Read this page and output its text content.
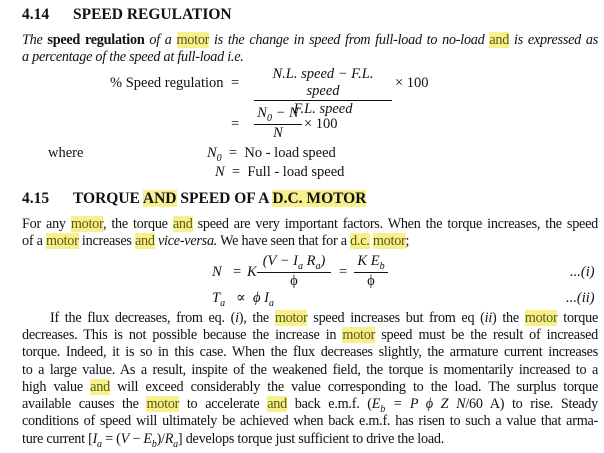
4.14 SPEED REGULATION
The speed regulation of a motor is the change in speed from full-load to no-load and is expressed as
a percentage of the speed at full-load i.e.
% Speed regulation =
N.L. speed − F.L. speed
F.L. speed
× 100
=
$N_0 - N$
N
× 100
where	$N_0 = No$ - load speed
N = Full - load speed
4.15 TORQUE AND SPEED OF A D.C. MOTOR
For any motor, the torque and speed are very important factors. When the torque increases, the speed
of a motor increases and vice-versa. We have seen that for a d.c. motor;
N = K
($V - I_a$ $R_a$)
ϕ
=
K $E_b$
ϕ
...(i)
$T_a \propto \phi$ $I_a$	...(ii)
If the flux decreases, from eq. (i), the motor speed increases but from eq (ii) the motor torque
decreases. This is not possible because the increase in motor speed must be the result of increased
torque. Indeed, it is so in this case. When the flux decreases slightly, the armature current increases
to a large value. As a result, inspite of the weakened field, the torque is momentarily increased to a
high value and will exceed considerably the value corresponding to the load. The surplus torque
available causes the motor to accelerate and back e.m.f. ($E_b = P$ ϕ Z N/60 A) to rise. Steady
conditions of speed will ultimately be achieved when back e.m.f. has risen to such a value that arma-
ture current $[I_a = (V - E_b)/R_a]$ develops torque just sufficient to drive the load.
